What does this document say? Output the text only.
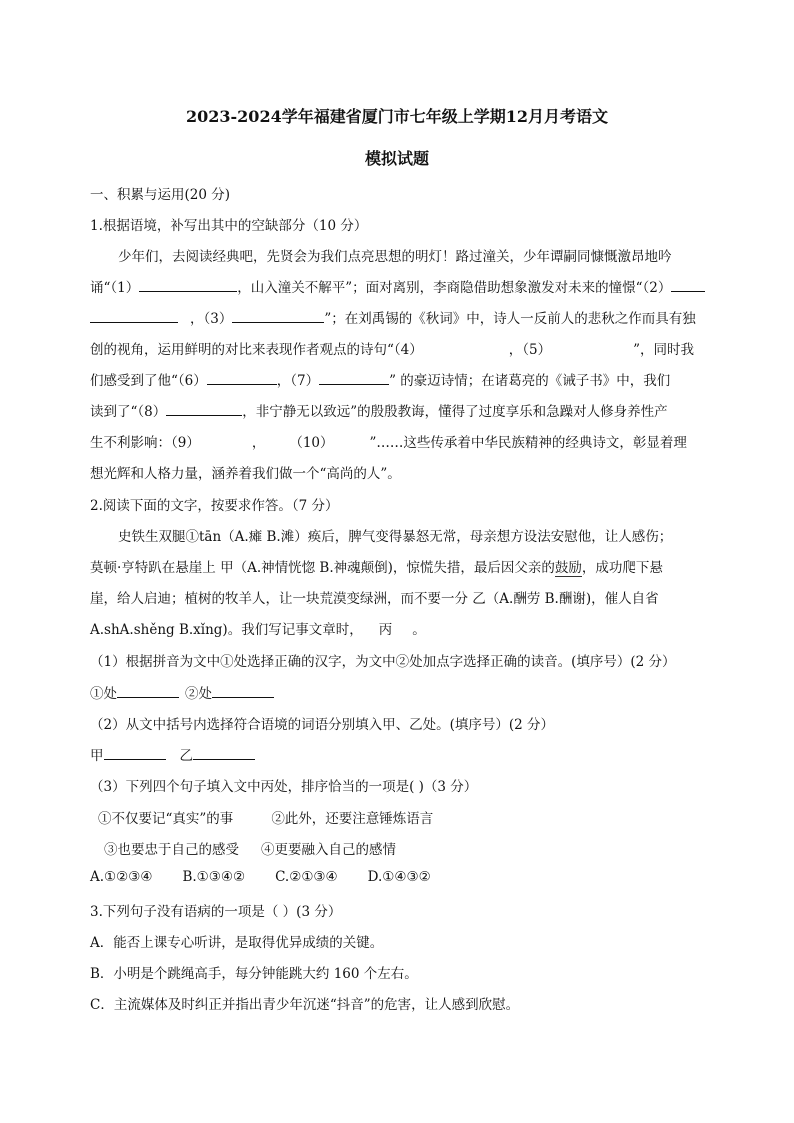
2023-2024学年福建省厦门市七年级上学期12月月考语文
模拟试题
一、积累与运用(20 分)
1.根据语境，补写出其中的空缺部分（10 分）
少年们，去阅读经典吧，先贤会为我们点亮思想的明灯！路过潼关，少年谭嗣同慷慨激昂地吟
诵“（1）	，山入潼关不解平”；面对离别，李商隐借助想象激发对未来的憧憬“（2）
，（3）	”；在刘禹锡的《秋词》中，诗人一反前人的悲秋之作而具有独
创的视角，运用鲜明的对比来表现作者观点的诗句“（4）	，（5）	”，同时我
们感受到了他“（6）	，（7）	” 的豪迈诗情；在诸葛亮的《诫子书》中，我们
读到了“（8）	，非宁静无以致远”的殷殷教诲，懂得了过度享乐和急躁对人修身养性产
生不利影响：（9）	， （10）	”……这些传承着中华民族精神的经典诗文，彰显着理
想光辉和人格力量，涵养着我们做一个“高尚的人”。
2.阅读下面的文字，按要求作答。（7 分）
史铁生双腿①tān（A.瘫 B.滩）痪后，脾气变得暴怒无常，母亲想方设法安慰他，让人感伤；
莫顿·亨特趴在悬崖上 甲（A.神情恍惚 B.神魂颠倒)，惊慌失措，最后因父亲的鼓励，成功爬下悬
崖，给人启迪；植树的牧羊人，让一块荒漠变绿洲，而不要一分 乙（A.酬劳 B.酬谢)，催人自省
A.shA.shěng B.xǐng)。我们写记事文章时， 丙 。
（1）根据拼音为文中①处选择正确的汉字，为文中②处加点字选择正确的读音。(填序号）(2 分）
①处	②处
（2）从文中括号内选择符合语境的词语分别填入甲、乙处。(填序号）(2 分）
甲	乙
（3）下列四个句子填入文中丙处，排序恰当的一项是( )（3 分）
①不仅要记“真实”的事	②此外，还要注意锤炼语言
③也要忠于自己的感受 ④更要融入自己的感情
A.①②③④ B.①③④② C.②①③④ D.①④③②
3.下列句子没有语病的一项是（ ）(3 分）
A．能否上课专心听讲，是取得优异成绩的关键。
B．小明是个跳绳高手，每分钟能跳大约 160 个左右。
C．主流媒体及时纠正并指出青少年沉迷“抖音”的危害，让人感到欣慰。
